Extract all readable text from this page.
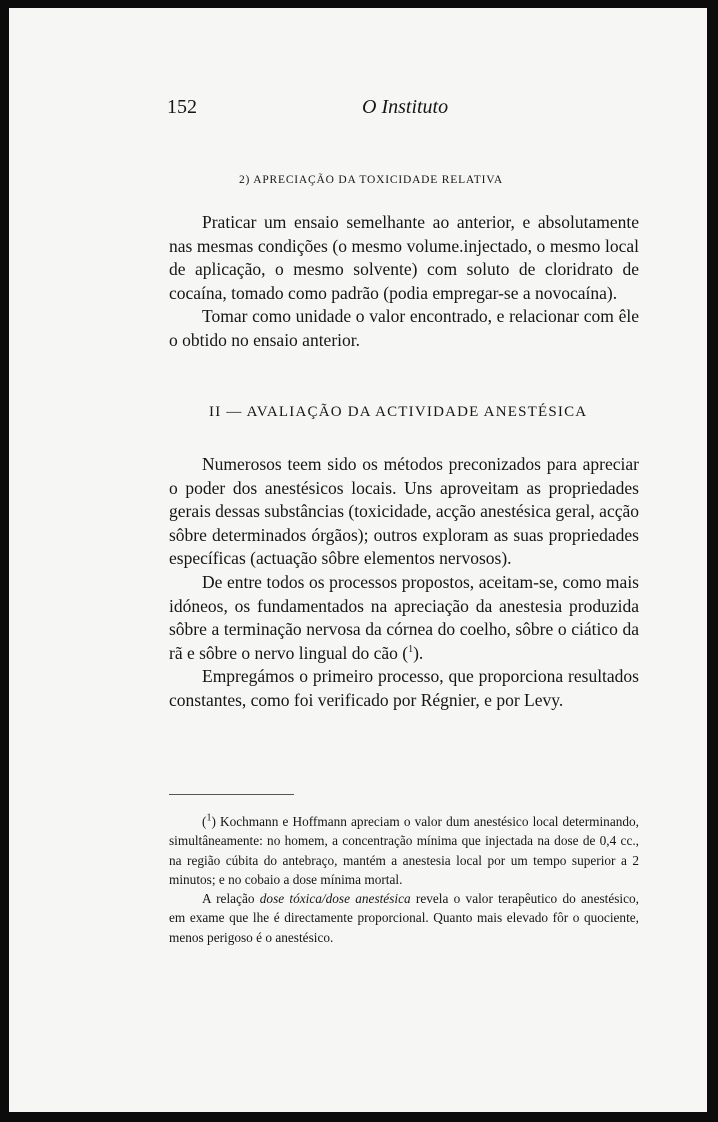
152	O Instituto
2) APRECIAÇÃO DA TOXICIDADE RELATIVA

Praticar um ensaio semelhante ao anterior, e absolutamente nas mesmas condições (o mesmo volume.injectado, o mesmo local de aplicação, o mesmo solvente) com soluto de cloridrato de cocaína, tomado como padrão (podia empregar-se a novocaína).

Tomar como unidade o valor encontrado, e relacionar com êle o obtido no ensaio anterior.

II — AVALIAÇÃO DA ACTIVIDADE ANESTÉSICA

Numerosos teem sido os métodos preconizados para apreciar o poder dos anestésicos locais. Uns aproveitam as propriedades gerais dessas substâncias (toxicidade, acção anestésica geral, acção sôbre determinados órgãos); outros exploram as suas propriedades específicas (actuação sôbre elementos nervosos).

De entre todos os processos propostos, aceitam-se, como mais idóneos, os fundamentados na apreciação da anestesia produzida sôbre a terminação nervosa da córnea do coelho, sôbre o ciático da rã e sôbre o nervo lingual do cão ($^1$).

Empregámos o primeiro processo, que proporciona resultados constantes, como foi verificado por Régnier, e por Levy.

($^1$) Kochmann e Hoffmann apreciam o valor dum anestésico local determinando, simultâneamente: no homem, a concentração mínima que injectada na dose de 0,4 cc., na região cúbita do antebraço, mantém a anestesia local por um tempo superior a 2 minutos; e no cobaio a dose mínima mortal.

A relação dose tóxica/dose anestésica revela o valor terapêutico do anestésico, em exame que lhe é directamente proporcional. Quanto mais elevado fôr o quociente, menos perigoso é o anestésico.
